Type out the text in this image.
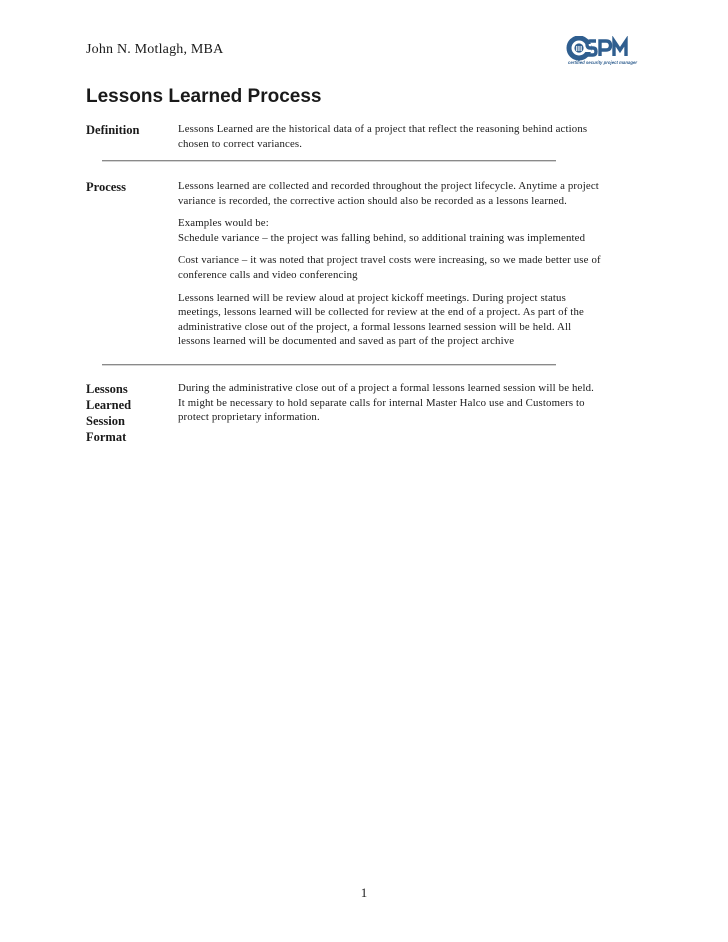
John N. Motlagh, MBA
certified security project manager
Lessons Learned Process
Definition	Lessons Learned are the historical data of a project that reflect the reasoning behind actions
chosen to correct variances.

Process	Lessons learned are collected and recorded throughout the project lifecycle. Anytime a project
variance is recorded, the corrective action should also be recorded as a lessons learned.

Examples would be:
Schedule variance – the project was falling behind, so additional training was implemented

Cost variance – it was noted that project travel costs were increasing, so we made better use of
conference calls and video conferencing

Lessons learned will be review aloud at project kickoff meetings. During project status
meetings, lessons learned will be collected for review at the end of a project. As part of the
administrative close out of the project, a formal lessons learned session will be held. All
lessons learned will be documented and saved as part of the project archive

Lessons
Learned
Session
Format

During the administrative close out of a project a formal lessons learned session will be held.
It might be necessary to hold separate calls for internal Master Halco use and Customers to
protect proprietary information.

1
